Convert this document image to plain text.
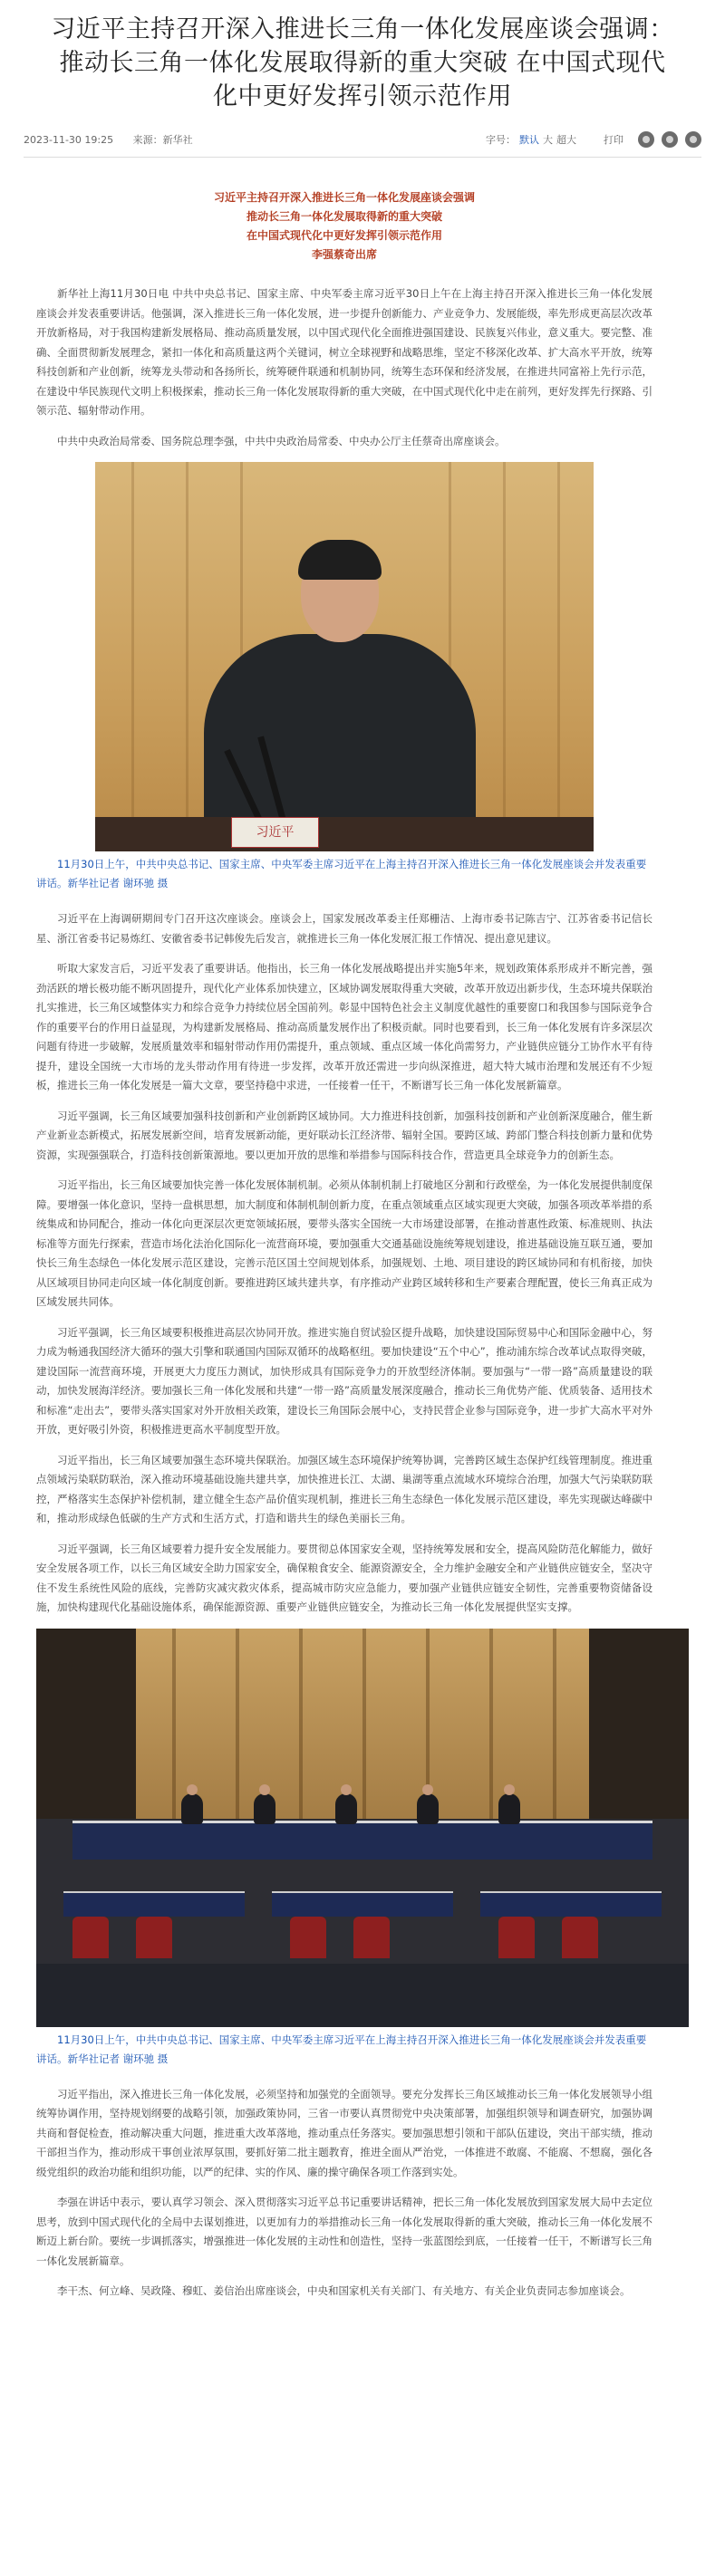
习近平主持召开深入推进长三角一体化发展座谈会强调：
推动长三角一体化发展取得新的重大突破 在中国式现代
化中更好发挥引领示范作用
2023-11-30 19:25 来源：新华社	字号： 默认 大 超大	打印
习近平主持召开深入推进长三角一体化发展座谈会强调
推动长三角一体化发展取得新的重大突破
在中国式现代化中更好发挥引领示范作用
李强蔡奇出席

新华社上海11月30日电 中共中央总书记、国家主席、中央军委主席习近平30日上午在上海主持召开深入推进长三角一体化发展座谈会并发表重要讲话。他强调，深入推进长三角一体化发展，进一步提升创新能力、产业竞争力、发展能级，率先形成更高层次改革开放新格局，对于我国构建新发展格局、推动高质量发展，以中国式现代化全面推进强国建设、民族复兴伟业，意义重大。要完整、准确、全面贯彻新发展理念，紧扣一体化和高质量这两个关键词，树立全球视野和战略思维，坚定不移深化改革、扩大高水平开放，统筹科技创新和产业创新，统筹龙头带动和各扬所长，统筹硬件联通和机制协同，统筹生态环保和经济发展，在推进共同富裕上先行示范，在建设中华民族现代文明上积极探索，推动长三角一体化发展取得新的重大突破，在中国式现代化中走在前列，更好发挥先行探路、引领示范、辐射带动作用。

中共中央政治局常委、国务院总理李强，中共中央政治局常委、中央办公厅主任蔡奇出席座谈会。

习近平
11月30日上午，中共中央总书记、国家主席、中央军委主席习近平在上海主持召开深入推进长三角一体化发展座谈会并发表重要讲话。新华社记者 谢环驰 摄

习近平在上海调研期间专门召开这次座谈会。座谈会上，国家发展改革委主任郑栅洁、上海市委书记陈吉宁、江苏省委书记信长星、浙江省委书记易炼红、安徽省委书记韩俊先后发言，就推进长三角一体化发展汇报工作情况、提出意见建议。

听取大家发言后，习近平发表了重要讲话。他指出，长三角一体化发展战略提出并实施5年来，规划政策体系形成并不断完善，强劲活跃的增长极功能不断巩固提升，现代化产业体系加快建立，区域协调发展取得重大突破，改革开放迈出新步伐，生态环境共保联治扎实推进，长三角区域整体实力和综合竞争力持续位居全国前列。彰显中国特色社会主义制度优越性的重要窗口和我国参与国际竞争合作的重要平台的作用日益显现，为构建新发展格局、推动高质量发展作出了积极贡献。同时也要看到，长三角一体化发展有许多深层次问题有待进一步破解，发展质量效率和辐射带动作用仍需提升，重点领域、重点区域一体化尚需努力，产业链供应链分工协作水平有待提升，建设全国统一大市场的龙头带动作用有待进一步发挥，改革开放还需进一步向纵深推进，超大特大城市治理和发展还有不少短板，推进长三角一体化发展是一篇大文章，要坚持稳中求进，一任接着一任干，不断谱写长三角一体化发展新篇章。

习近平强调，长三角区域要加强科技创新和产业创新跨区域协同。大力推进科技创新，加强科技创新和产业创新深度融合，催生新产业新业态新模式，拓展发展新空间，培育发展新动能，更好联动长江经济带、辐射全国。要跨区域、跨部门整合科技创新力量和优势资源，实现强强联合，打造科技创新策源地。要以更加开放的思维和举措参与国际科技合作，营造更具全球竞争力的创新生态。

习近平指出，长三角区域要加快完善一体化发展体制机制。必须从体制机制上打破地区分割和行政壁垒，为一体化发展提供制度保障。要增强一体化意识，坚持一盘棋思想，加大制度和体制机制创新力度，在重点领域重点区域实现更大突破，加强各项改革举措的系统集成和协同配合，推动一体化向更深层次更宽领域拓展，要带头落实全国统一大市场建设部署，在推动普惠性政策、标准规则、执法标准等方面先行探索，营造市场化法治化国际化一流营商环境，要加强重大交通基础设施统筹规划建设，推进基础设施互联互通，要加快长三角生态绿色一体化发展示范区建设，完善示范区国土空间规划体系，加强规划、土地、项目建设的跨区域协同和有机衔接，加快从区域项目协同走向区域一体化制度创新。要推进跨区域共建共享，有序推动产业跨区域转移和生产要素合理配置，使长三角真正成为区域发展共同体。

习近平强调，长三角区域要积极推进高层次协同开放。推进实施自贸试验区提升战略，加快建设国际贸易中心和国际金融中心，努力成为畅通我国经济大循环的强大引擎和联通国内国际双循环的战略枢纽。要加快建设“五个中心”，推动浦东综合改革试点取得突破，建设国际一流营商环境，开展更大力度压力测试，加快形成具有国际竞争力的开放型经济体制。要加强与“一带一路”高质量建设的联动，加快发展海洋经济。要加强长三角一体化发展和共建“一带一路”高质量发展深度融合，推动长三角优势产能、优质装备、适用技术和标准“走出去”，要带头落实国家对外开放相关政策，建设长三角国际会展中心，支持民营企业参与国际竞争，进一步扩大高水平对外开放，更好吸引外资，积极推进更高水平制度型开放。

习近平指出，长三角区域要加强生态环境共保联治。加强区域生态环境保护统筹协调，完善跨区域生态保护红线管理制度。推进重点领域污染联防联治，深入推动环境基础设施共建共享，加快推进长江、太湖、巢湖等重点流域水环境综合治理，加强大气污染联防联控，严格落实生态保护补偿机制，建立健全生态产品价值实现机制，推进长三角生态绿色一体化发展示范区建设，率先实现碳达峰碳中和，推动形成绿色低碳的生产方式和生活方式，打造和谐共生的绿色美丽长三角。

习近平强调，长三角区域要着力提升安全发展能力。要贯彻总体国家安全观，坚持统筹发展和安全，提高风险防范化解能力，做好安全发展各项工作，以长三角区域安全助力国家安全，确保粮食安全、能源资源安全，全力维护金融安全和产业链供应链安全，坚决守住不发生系统性风险的底线，完善防灾减灾救灾体系，提高城市防灾应急能力，要加强产业链供应链安全韧性，完善重要物资储备设施，加快构建现代化基础设施体系，确保能源资源、重要产业链供应链安全，为推动长三角一体化发展提供坚实支撑。

11月30日上午，中共中央总书记、国家主席、中央军委主席习近平在上海主持召开深入推进长三角一体化发展座谈会并发表重要讲话。新华社记者 谢环驰 摄

习近平指出，深入推进长三角一体化发展，必须坚持和加强党的全面领导。要充分发挥长三角区域推动长三角一体化发展领导小组统筹协调作用，坚持规划纲要的战略引领，加强政策协同，三省一市要认真贯彻党中央决策部署，加强组织领导和调查研究，加强协调共商和督促检查，推动解决重大问题，推进重大改革落地，推动重点任务落实。要加强思想引领和干部队伍建设，突出干部实绩，推动干部担当作为，推动形成干事创业浓厚氛围，要抓好第二批主题教育，推进全面从严治党，一体推进不敢腐、不能腐、不想腐，强化各级党组织的政治功能和组织功能，以严的纪律、实的作风、廉的操守确保各项工作落到实处。

李强在讲话中表示，要认真学习领会、深入贯彻落实习近平总书记重要讲话精神，把长三角一体化发展放到国家发展大局中去定位思考，放到中国式现代化的全局中去谋划推进，以更加有力的举措推动长三角一体化发展取得新的重大突破，推动长三角一体化发展不断迈上新台阶。要统一步调抓落实，增强推进一体化发展的主动性和创造性，坚持一张蓝图绘到底，一任接着一任干，不断谱写长三角一体化发展新篇章。

李干杰、何立峰、吴政隆、穆虹、姜信治出席座谈会，中央和国家机关有关部门、有关地方、有关企业负责同志参加座谈会。
